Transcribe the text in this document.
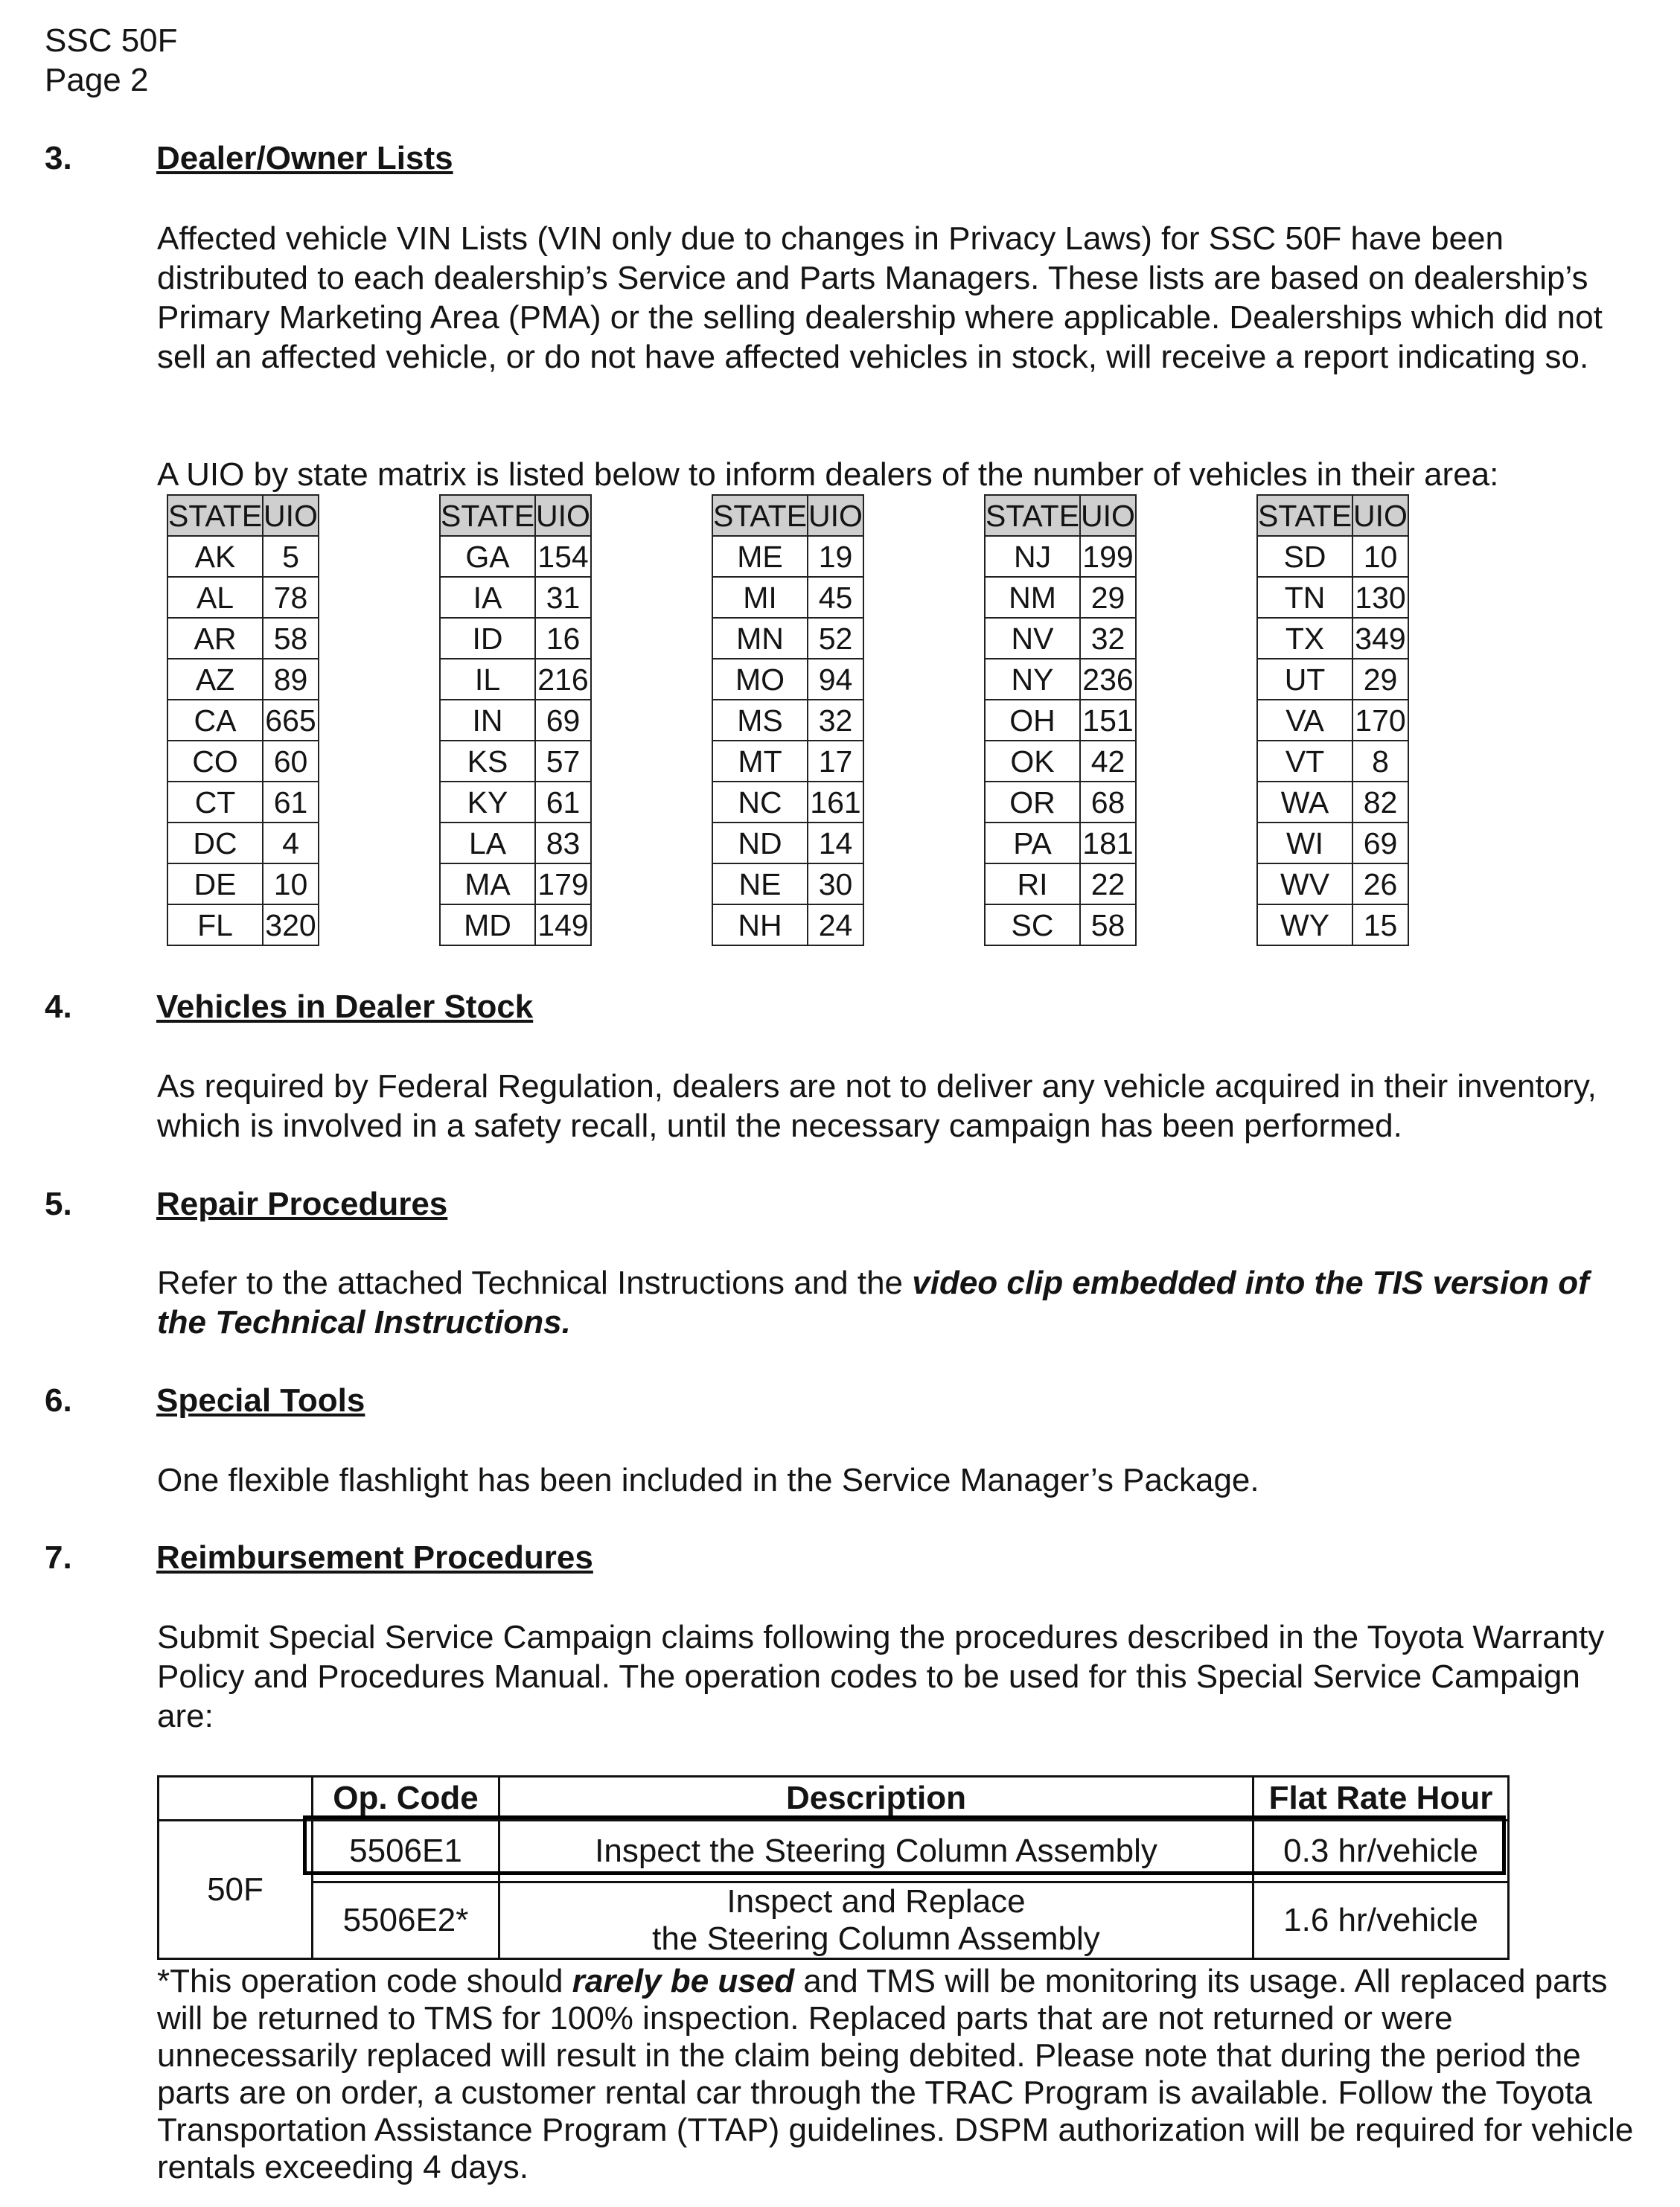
SSC 50F
Page 2
3.	Dealer/Owner Lists

Affected vehicle VIN Lists (VIN only due to changes in Privacy Laws) for SSC 50F have been distributed to each dealership’s Service and Parts Managers. These lists are based on dealership’s Primary Marketing Area (PMA) or the selling dealership where applicable. Dealerships which did not sell an affected vehicle, or do not have affected vehicles in stock, will receive a report indicating so.

A UIO by state matrix is listed below to inform dealers of the number of vehicles in their area:

STATE	UIO
AK	5
AL	78
AR	58
AZ	89
CA	665
CO	60
CT	61
DC	4
DE	10
FL	320
STATE	UIO
GA	154
IA	31
ID	16
IL	216
IN	69
KS	57
KY	61
LA	83
MA	179
MD	149
STATE	UIO
ME	19
MI	45
MN	52
MO	94
MS	32
MT	17
NC	161
ND	14
NE	30
NH	24
STATE	UIO
NJ	199
NM	29
NV	32
NY	236
OH	151
OK	42
OR	68
PA	181
RI	22
SC	58
STATE	UIO
SD	10
TN	130
TX	349
UT	29
VA	170
VT	8
WA	82
WI	69
WV	26
WY	15
4.	Vehicles in Dealer Stock

As required by Federal Regulation, dealers are not to deliver any vehicle acquired in their inventory, which is involved in a safety recall, until the necessary campaign has been performed.

5.	Repair Procedures

Refer to the attached Technical Instructions and the video clip embedded into the TIS version of the Technical Instructions.

6.	Special Tools

One flexible flashlight has been included in the Service Manager’s Package.

7.	Reimbursement Procedures

Submit Special Service Campaign claims following the procedures described in the Toyota Warranty Policy and Procedures Manual. The operation codes to be used for this Special Service Campaign are:

	Op. Code	Description	Flat Rate Hour
50F	5506E1	Inspect the Steering Column Assembly	0.3 hr/vehicle
	5506E2*	Inspect and Replace
the Steering Column Assembly	1.6 hr/vehicle

*This operation code should rarely be used and TMS will be monitoring its usage. All replaced parts will be returned to TMS for 100% inspection. Replaced parts that are not returned or were unnecessarily replaced will result in the claim being debited. Please note that during the period the parts are on order, a customer rental car through the TRAC Program is available. Follow the Toyota Transportation Assistance Program (TTAP) guidelines. DSPM authorization will be required for vehicle rentals exceeding 4 days.
